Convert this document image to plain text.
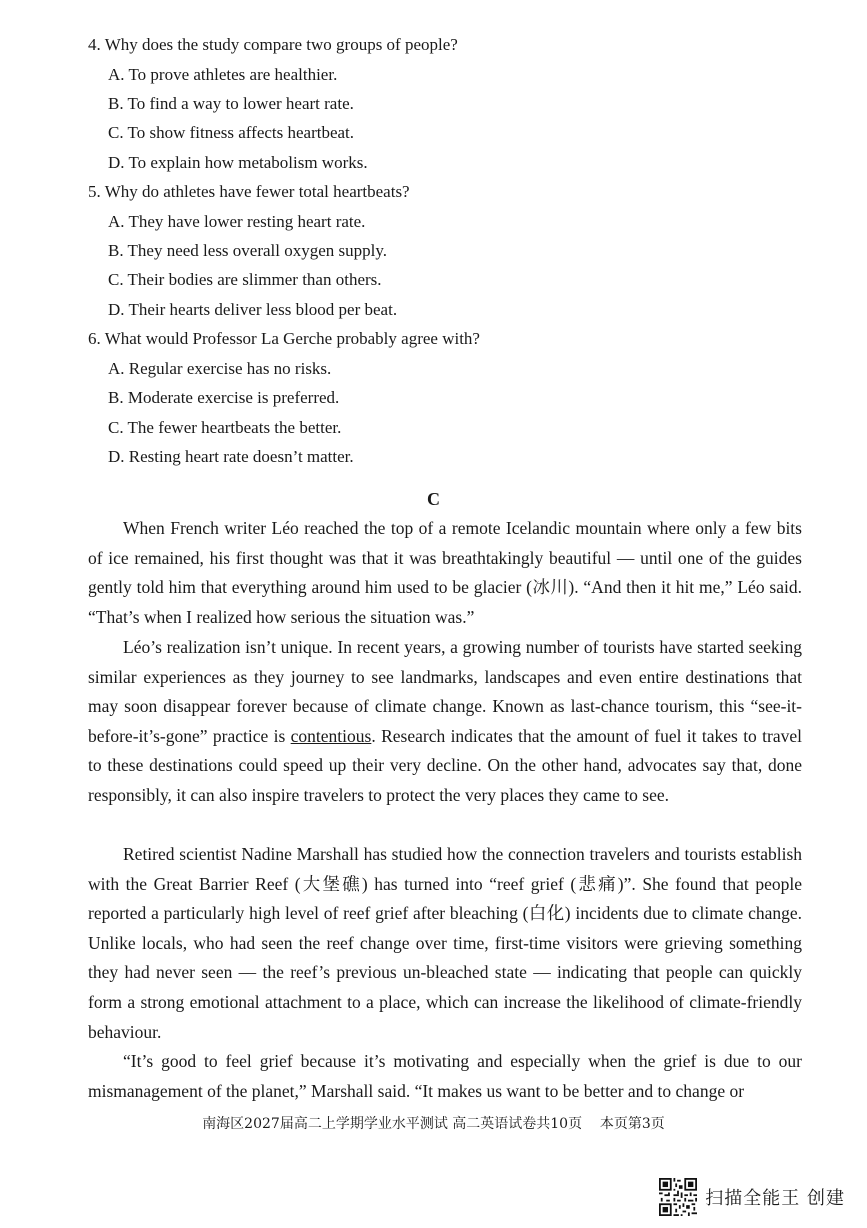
4. Why does the study compare two groups of people?
A. To prove athletes are healthier.
B. To find a way to lower heart rate.
C. To show fitness affects heartbeat.
D. To explain how metabolism works.
5. Why do athletes have fewer total heartbeats?
A. They have lower resting heart rate.
B. They need less overall oxygen supply.
C. Their bodies are slimmer than others.
D. Their hearts deliver less blood per beat.
6. What would Professor La Gerche probably agree with?
A. Regular exercise has no risks.
B. Moderate exercise is preferred.
C. The fewer heartbeats the better.
D. Resting heart rate doesn’t matter.
C

When French writer Léo reached the top of a remote Icelandic mountain where only a few bits of ice remained, his first thought was that it was breathtakingly beautiful — until one of the guides gently told him that everything around him used to be glacier (冰川). “And then it hit me,” Léo said. “That’s when I realized how serious the situation was.”

Léo’s realization isn’t unique. In recent years, a growing number of tourists have started seeking similar experiences as they journey to see landmarks, landscapes and even entire destinations that may soon disappear forever because of climate change. Known as last-chance tourism, this “see-it-before-it’s-gone” practice is contentious. Research indicates that the amount of fuel it takes to travel to these destinations could speed up their very decline. On the other hand, advocates say that, done responsibly, it can also inspire travelers to protect the very places they came to see.

Retired scientist Nadine Marshall has studied how the connection travelers and tourists establish with the Great Barrier Reef (大堡礁) has turned into “reef grief (悲痛)”. She found that people reported a particularly high level of reef grief after bleaching (白化) incidents due to climate change. Unlike locals, who had seen the reef change over time, first-time visitors were grieving something they had never seen — the reef’s previous un-bleached state — indicating that people can quickly form a strong emotional attachment to a place, which can increase the likelihood of climate-friendly behaviour.

“It’s good to feel grief because it’s motivating and especially when the grief is due to our mismanagement of the planet,” Marshall said. “It makes us want to be better and to change or

南海区2027届高二上学期学业水平测试 高二英语试卷共10页    本页第3页
扫描全能王 创建
